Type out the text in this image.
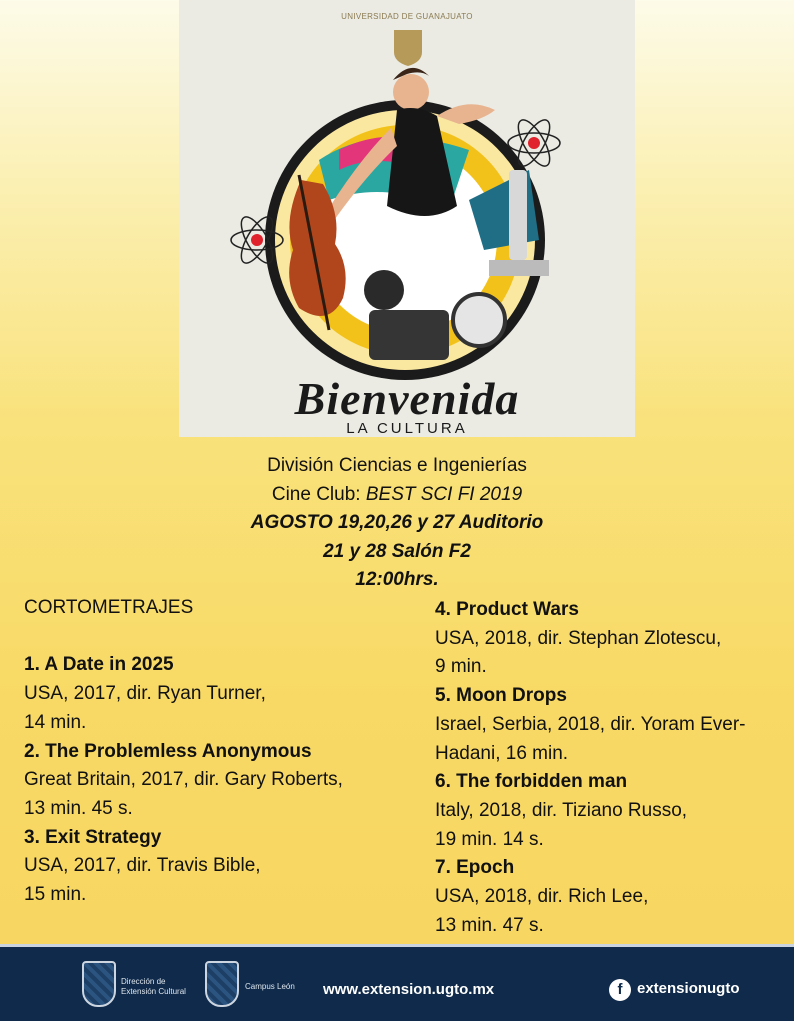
UNIVERSIDAD DE GUANAJUATO
Bienvenida
LA CULTURA
División Ciencias e Ingenierías
Cine Club: BEST SCI FI 2019
AGOSTO 19,20,26 y 27 Auditorio
21 y 28 Salón F2
12:00hrs.
CORTOMETRAJES
1. A Date in 2025
USA, 2017, dir. Ryan Turner,
14 min.
2. The Problemless Anonymous
Great Britain, 2017, dir. Gary Roberts,
13 min. 45 s.
3. Exit Strategy
USA, 2017, dir. Travis Bible,
15 min.
4. Product Wars
USA, 2018, dir. Stephan Zlotescu,
9 min.
5. Moon Drops
Israel, Serbia, 2018, dir. Yoram Ever-
Hadani, 16 min.
6. The forbidden man
Italy, 2018, dir. Tiziano Russo,
19 min. 14 s.
7. Epoch
USA, 2018, dir. Rich Lee,
13 min. 47 s.
Dirección de Extensión Cultural
Campus León www.extension.ugto.mx	f extensionugto
